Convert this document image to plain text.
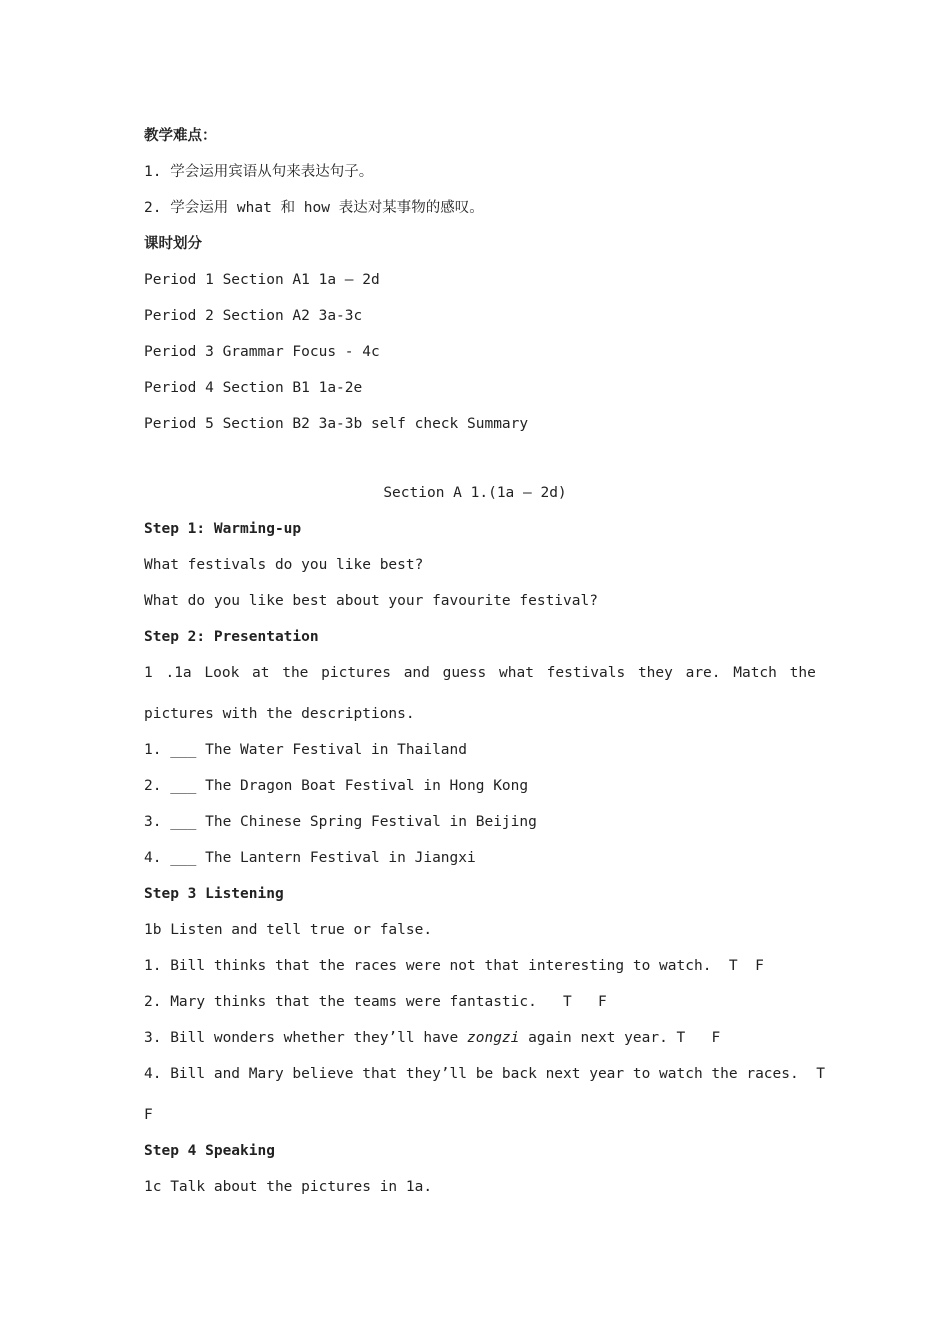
教学难点：
1. 学会运用宾语从句来表达句子。
2. 学会运用 what 和 how 表达对某事物的感叹。
课时划分
Period 1 Section A1 1a – 2d
Period 2 Section A2 3a-3c
Period 3 Grammar Focus - 4c
Period 4 Section B1 1a-2e
Period 5 Section B2 3a-3b self check Summary
Section A 1.(1a – 2d)
Step 1: Warming-up
What festivals do you like best?
What do you like best about your favourite festival?
Step 2: Presentation
1 .1a Look at the pictures and guess what festivals they are. Match the
pictures with the descriptions.
1. ___ The Water Festival in Thailand
2. ___ The Dragon Boat Festival in Hong Kong
3. ___ The Chinese Spring Festival in Beijing
4. ___ The Lantern Festival in Jiangxi
Step 3 Listening
1b Listen and tell true or false.
1. Bill thinks that the races were not that interesting to watch.  T  F
2. Mary thinks that the teams were fantastic.   T   F
3. Bill wonders whether they’ll have zongzi again next year. T   F
4. Bill and Mary believe that they’ll be back next year to watch the races.  T
F
Step 4 Speaking
1c Talk about the pictures in 1a.
